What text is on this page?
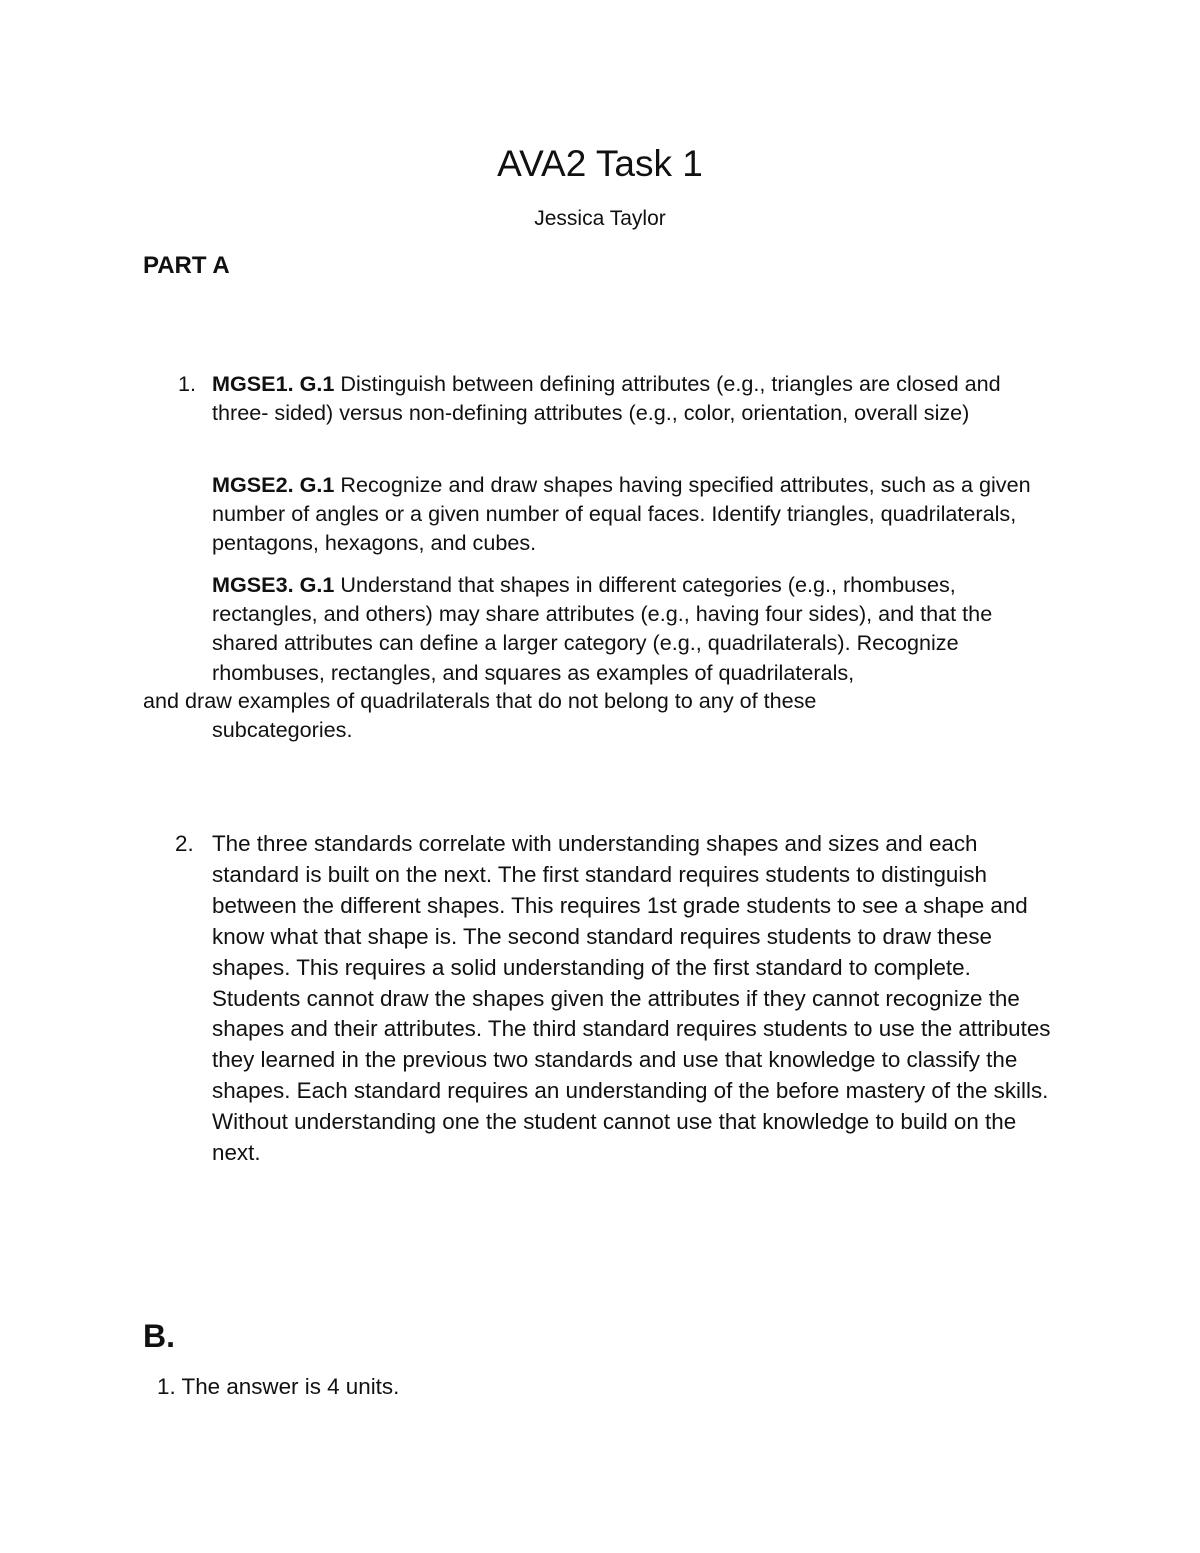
AVA2 Task 1
Jessica Taylor
PART A
1. MGSE1. G.1 Distinguish between defining attributes (e.g., triangles are closed and three- sided) versus non-defining attributes (e.g., color, orientation, overall size)

MGSE2. G.1 Recognize and draw shapes having specified attributes, such as a given number of angles or a given number of equal faces. Identify triangles, quadrilaterals, pentagons, hexagons, and cubes.

MGSE3. G.1 Understand that shapes in different categories (e.g., rhombuses, rectangles, and others) may share attributes (e.g., having four sides), and that the shared attributes can define a larger category (e.g., quadrilaterals). Recognize rhombuses, rectangles, and squares as examples of quadrilaterals,

and draw examples of quadrilaterals that do not belong to any of these

subcategories.

2. The three standards correlate with understanding shapes and sizes and each standard is built on the next. The first standard requires students to distinguish between the different shapes. This requires 1st grade students to see a shape and know what that shape is. The second standard requires students to draw these shapes. This requires a solid understanding of the first standard to complete. Students cannot draw the shapes given the attributes if they cannot recognize the shapes and their attributes. The third standard requires students to use the attributes they learned in the previous two standards and use that knowledge to classify the shapes. Each standard requires an understanding of the before mastery of the skills. Without understanding one the student cannot use that knowledge to build on the next.

B.
1. The answer is 4 units.
